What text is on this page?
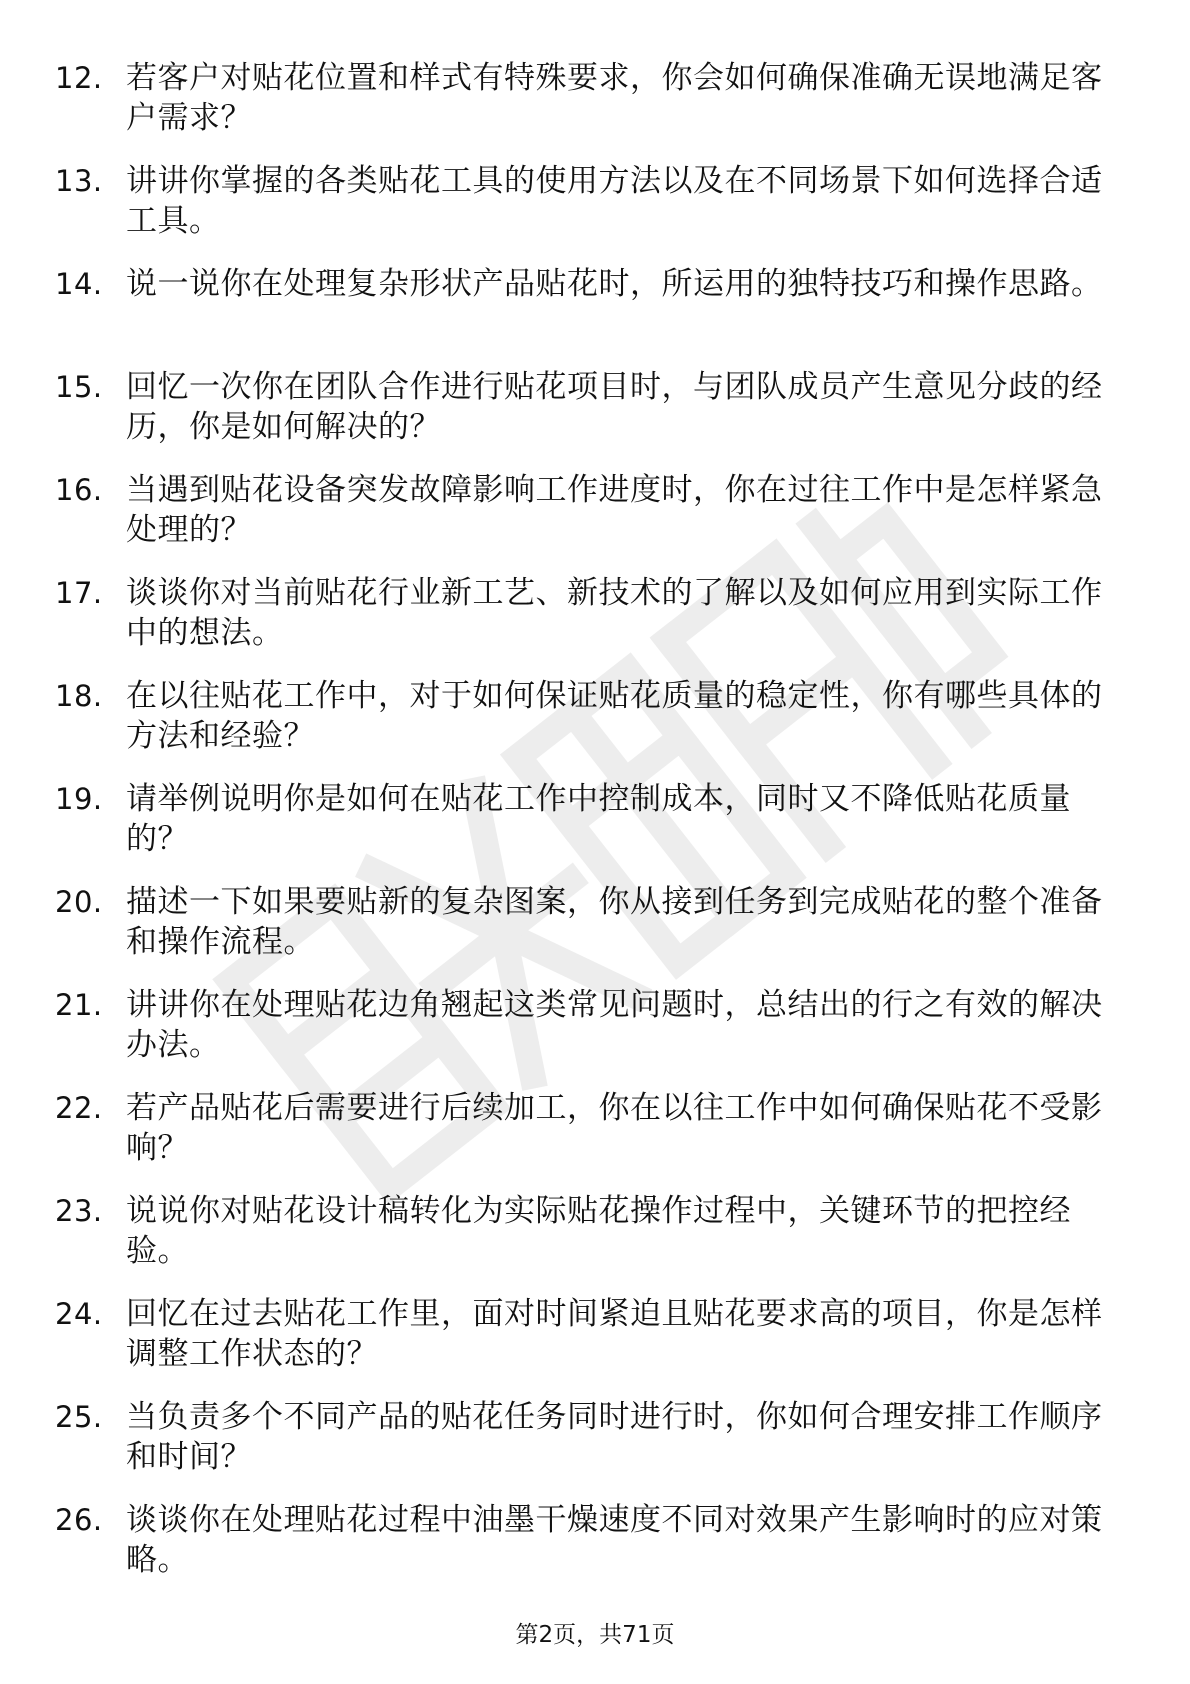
12. 若客户对贴花位置和样式有特殊要求，你会如何确保准确无误地满足客户需求？
13. 讲讲你掌握的各类贴花工具的使用方法以及在不同场景下如何选择合适工具。
14. 说一说你在处理复杂形状产品贴花时，所运用的独特技巧和操作思路。
15. 回忆一次你在团队合作进行贴花项目时，与团队成员产生意见分歧的经历，你是如何解决的？
16. 当遇到贴花设备突发故障影响工作进度时，你在过往工作中是怎样紧急处理的？
17. 谈谈你对当前贴花行业新工艺、新技术的了解以及如何应用到实际工作中的想法。
18. 在以往贴花工作中，对于如何保证贴花质量的稳定性，你有哪些具体的方法和经验？
19. 请举例说明你是如何在贴花工作中控制成本，同时又不降低贴花质量的？
20. 描述一下如果要贴新的复杂图案，你从接到任务到完成贴花的整个准备和操作流程。
21. 讲讲你在处理贴花边角翘起这类常见问题时，总结出的行之有效的解决办法。
22. 若产品贴花后需要进行后续加工，你在以往工作中如何确保贴花不受影响？
23. 说说你对贴花设计稿转化为实际贴花操作过程中，关键环节的把控经验。
24. 回忆在过去贴花工作里，面对时间紧迫且贴花要求高的项目，你是怎样调整工作状态的？
25. 当负责多个不同产品的贴花任务同时进行时，你如何合理安排工作顺序和时间？
26. 谈谈你在处理贴花过程中油墨干燥速度不同对效果产生影响时的应对策略。
第2页，共71页
